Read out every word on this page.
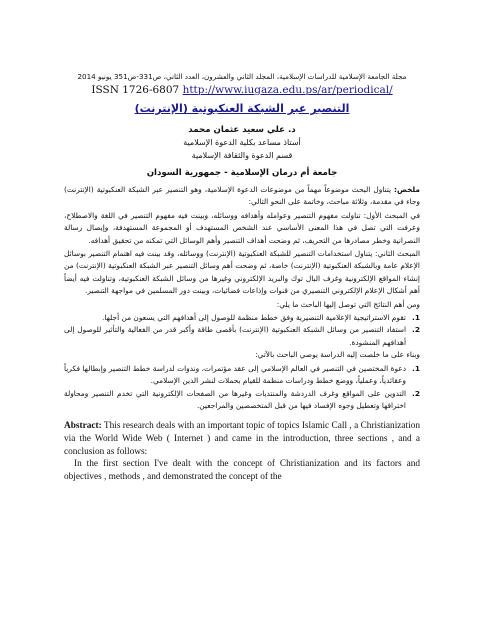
مجلة الجامعة الإسلامية للدراسات الإسلامية، المجلد الثاني والعشرون، العدد الثاني، ص331-ص351 يونيو 2014
ISSN 1726-6807 http://www.iugaza.edu.ps/ar/periodical/
التنصير عبر الشبكة العنكبوتية (الإنترنت)
د. علي سعيد عثمان محمد
أستاذ مساعد بكلية الدعوة الإسلامية
قسم الدعوة والثقافة الإسلامية
جامعة أم درمان الإسلامية - جمهورية السودان

ملخص: يتناول البحث موضوعاً مهماً من موضوعات الدعوة الإسلامية، وهو التنصير عبر الشبكة العنكبوتية (الإنترنت) وجاء في مقدمة، وثلاثة مباحث، وخاتمة على النحو التالي:

في المبحث الأول: تناولت مفهوم التنصير وعوامله وأهدافه ووسائله، وبينت فيه مفهوم التنصير في اللغة والاصطلاح، وعرفت التي تصل في هذا المعنى الأساسي عند الشخص المستهدف أو المجموعة المستهدفة، وإيصال رسالة النصرانية وخطر مصادرها من التحريف، ثم وضحت أهداف التنصير وأهم الوسائل التي تمكنه من تحقيق أهدافه.

المبحث الثاني: يتناول استخدامات التنصير للشبكة العنكبوتية (الإنترنت) ووسائله، وقد بينت فيه اهتمام التنصير بوسائل الإعلام عامة وبالشبكة العنكبوتية (الإنترنت) خاصة، ثم وضحت أهم وسائل التنصير عبر الشبكة العنكبوتية (الإنترنت) من إنشاء المواقع الإلكترونية وغرف البال توك والبريد الإلكتروني وغيرها من وسائل الشبكة العنكبوتية، وتناولت فيه أيضاً أهم أشكال الإعلام الإلكتروني التنصيري من قنوات وإذاعات فضائيات، وبينت دور المسلمين في مواجهة التنصير.

ومن أهم النتائج التي توصل إليها الباحث ما يلي:

1.
تقوم الاستراتيجية الإعلامية التنصيرية وفق خطط منظمة للوصول إلى أهدافهم التي يسعون من أجلها.
2.
استفاد التنصير من وسائل الشبكة العنكبوتية (الإنترنت) بأقصى طاقة وأكبر قدر من الفعالية والتأثير للوصول إلى أهدافهم المنشودة.

وبناء على ما خلصت إليه الدراسة يوصي الباحث بالآتي:

1.
دعوة المختصين في التنصير في العالم الإسلامي إلى عقد مؤتمرات، وندوات لدراسة خطط التنصير وإبطالها فكرياً وعقائدياً، وعملياً، ووضع خطط ودراسات منظمة للقيام بحملات لنشر الدين الإسلامي.
2.
التدوين على المواقع وغرف الدردشة والمنتديات وغيرها من الصفحات الإلكترونية التي تخدم التنصير ومحاولة اختراقها وتعطيل وجوه الإفساد فيها من قبل المتخصصين والمراجعين.
Abstract: This research deals with an important topic of topics Islamic Call , a Christianization via the World Wide Web ( Internet ) and came in the introduction, three sections , and a conclusion as follows:
In the first section I've dealt with the concept of Christianization and its factors and objectives , methods , and demonstrated the concept of the
